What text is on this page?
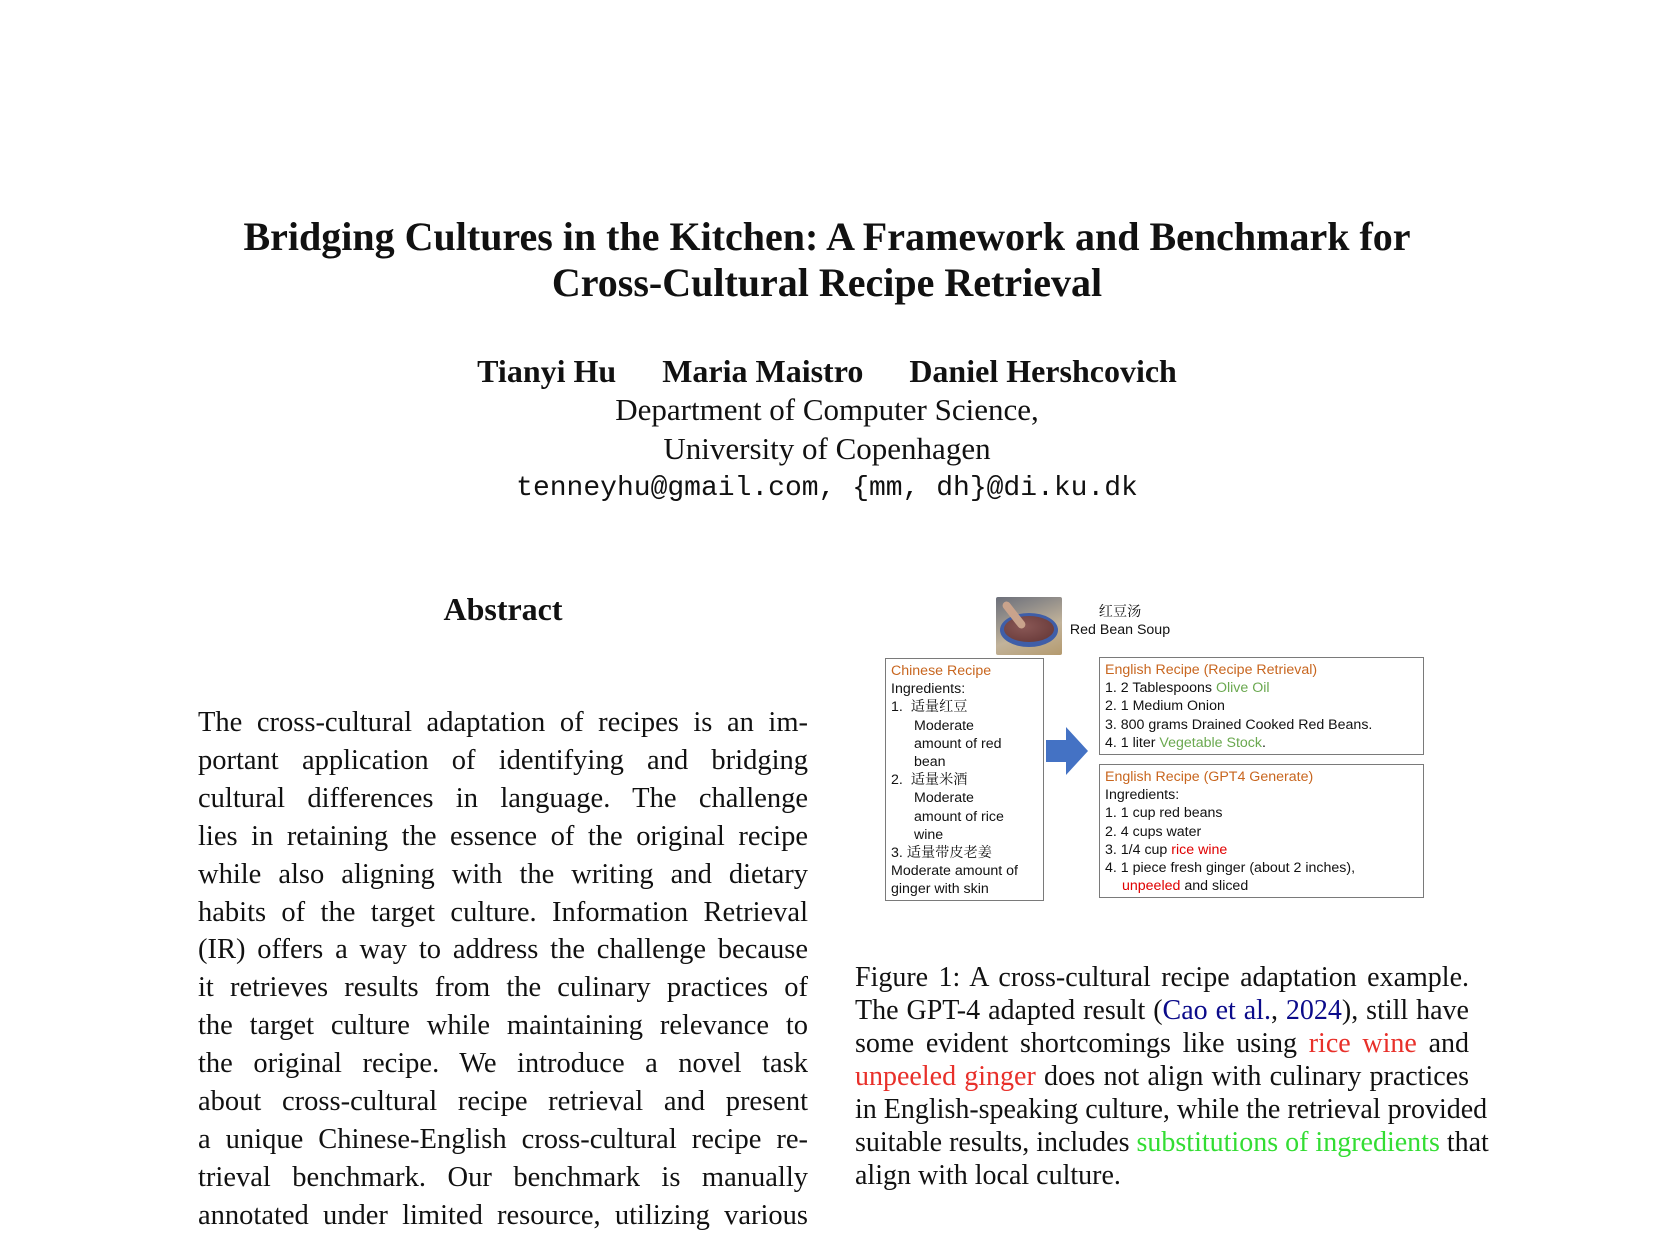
Bridging Cultures in the Kitchen: A Framework and Benchmark for
Cross-Cultural Recipe Retrieval
Tianyi Hu Maria Maistro Daniel Hershcovich
Department of Computer Science,
University of Copenhagen
tenneyhu@gmail.com, {mm, dh}@di.ku.dk
Abstract
The cross-cultural adaptation of recipes is an im-
portant application of identifying and bridging
cultural differences in language. The challenge
lies in retaining the essence of the original recipe
while also aligning with the writing and dietary
habits of the target culture. Information Retrieval
(IR) offers a way to address the challenge because
it retrieves results from the culinary practices of
the target culture while maintaining relevance to
the original recipe. We introduce a novel task
about cross-cultural recipe retrieval and present
a unique Chinese-English cross-cultural recipe re-
trieval benchmark. Our benchmark is manually
annotated under limited resource, utilizing various
红豆汤
Red Bean Soup
Chinese Recipe
Ingredients:
1. 适量红豆
Moderate
amount of red
bean
2. 适量米酒
Moderate
amount of rice
wine
3. 适量带皮老姜
Moderate amount of
ginger with skin
English Recipe (Recipe Retrieval)
1. 2 Tablespoons Olive Oil
2. 1 Medium Onion
3. 800 grams Drained Cooked Red Beans.
4. 1 liter Vegetable Stock.
English Recipe (GPT4 Generate)
Ingredients:
1. 1 cup red beans
2. 4 cups water
3. 1/4 cup rice wine
4. 1 piece fresh ginger (about 2 inches),
unpeeled and sliced
Figure 1: A cross-cultural recipe adaptation example.
The GPT-4 adapted result (Cao et al., 2024), still have
some evident shortcomings like using rice wine and
unpeeled ginger does not align with culinary practices
in English-speaking culture, while the retrieval provided
suitable results, includes substitutions of ingredients that
align with local culture.
